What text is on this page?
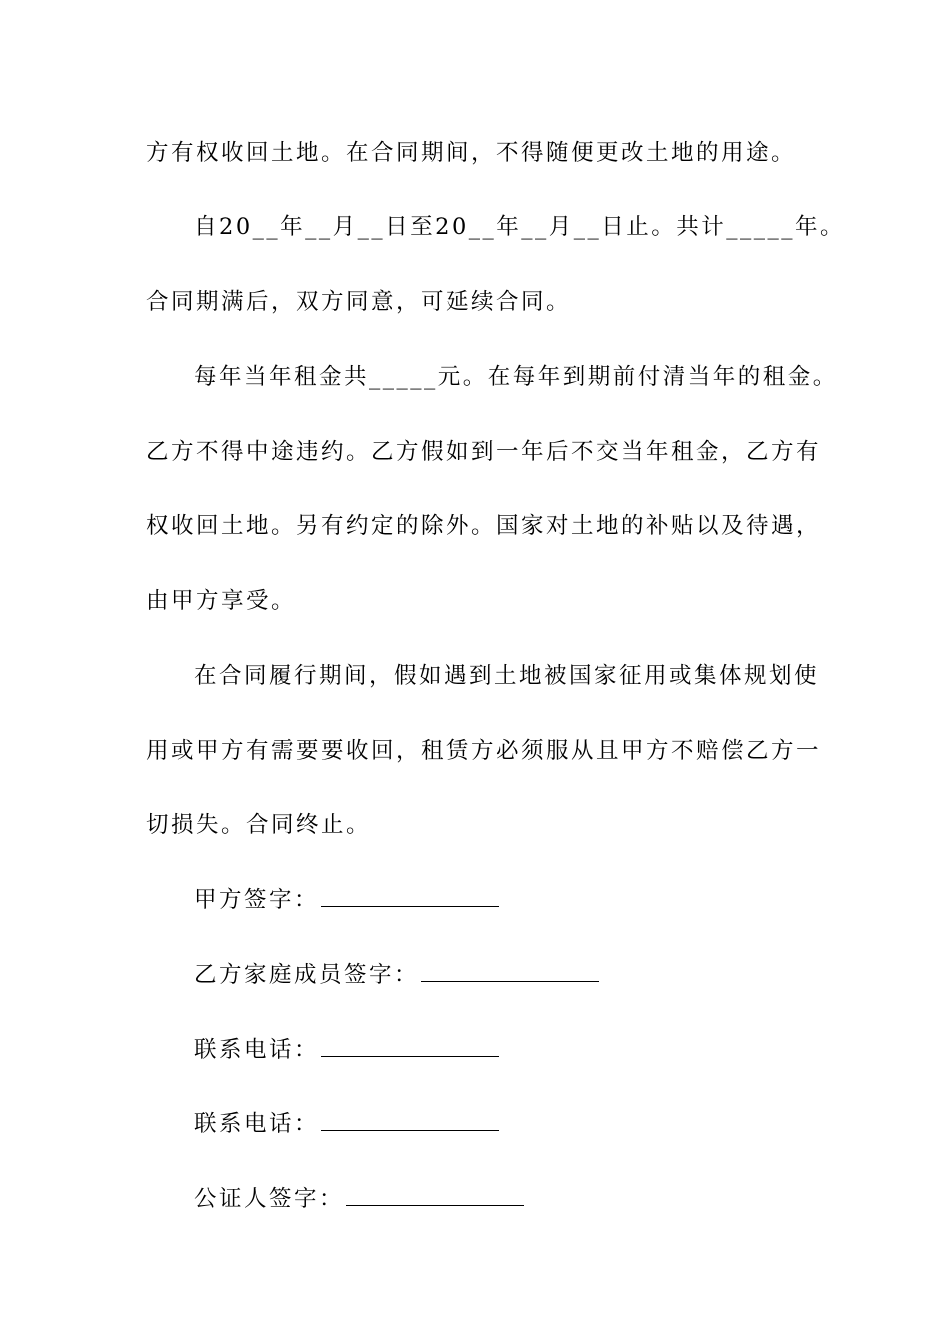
方有权收回土地。在合同期间，不得随便更改土地的用途。
自20__年__月__日至20__年__月__日止。共计_____年。
合同期满后，双方同意，可延续合同。
每年当年租金共_____元。在每年到期前付清当年的租金。
乙方不得中途违约。乙方假如到一年后不交当年租金，乙方有
权收回土地。另有约定的除外。国家对土地的补贴以及待遇，
由甲方享受。
在合同履行期间，假如遇到土地被国家征用或集体规划使
用或甲方有需要要收回，租赁方必须服从且甲方不赔偿乙方一
切损失。合同终止。
甲方签字：
乙方家庭成员签字：
联系电话：
联系电话：
公证人签字：
